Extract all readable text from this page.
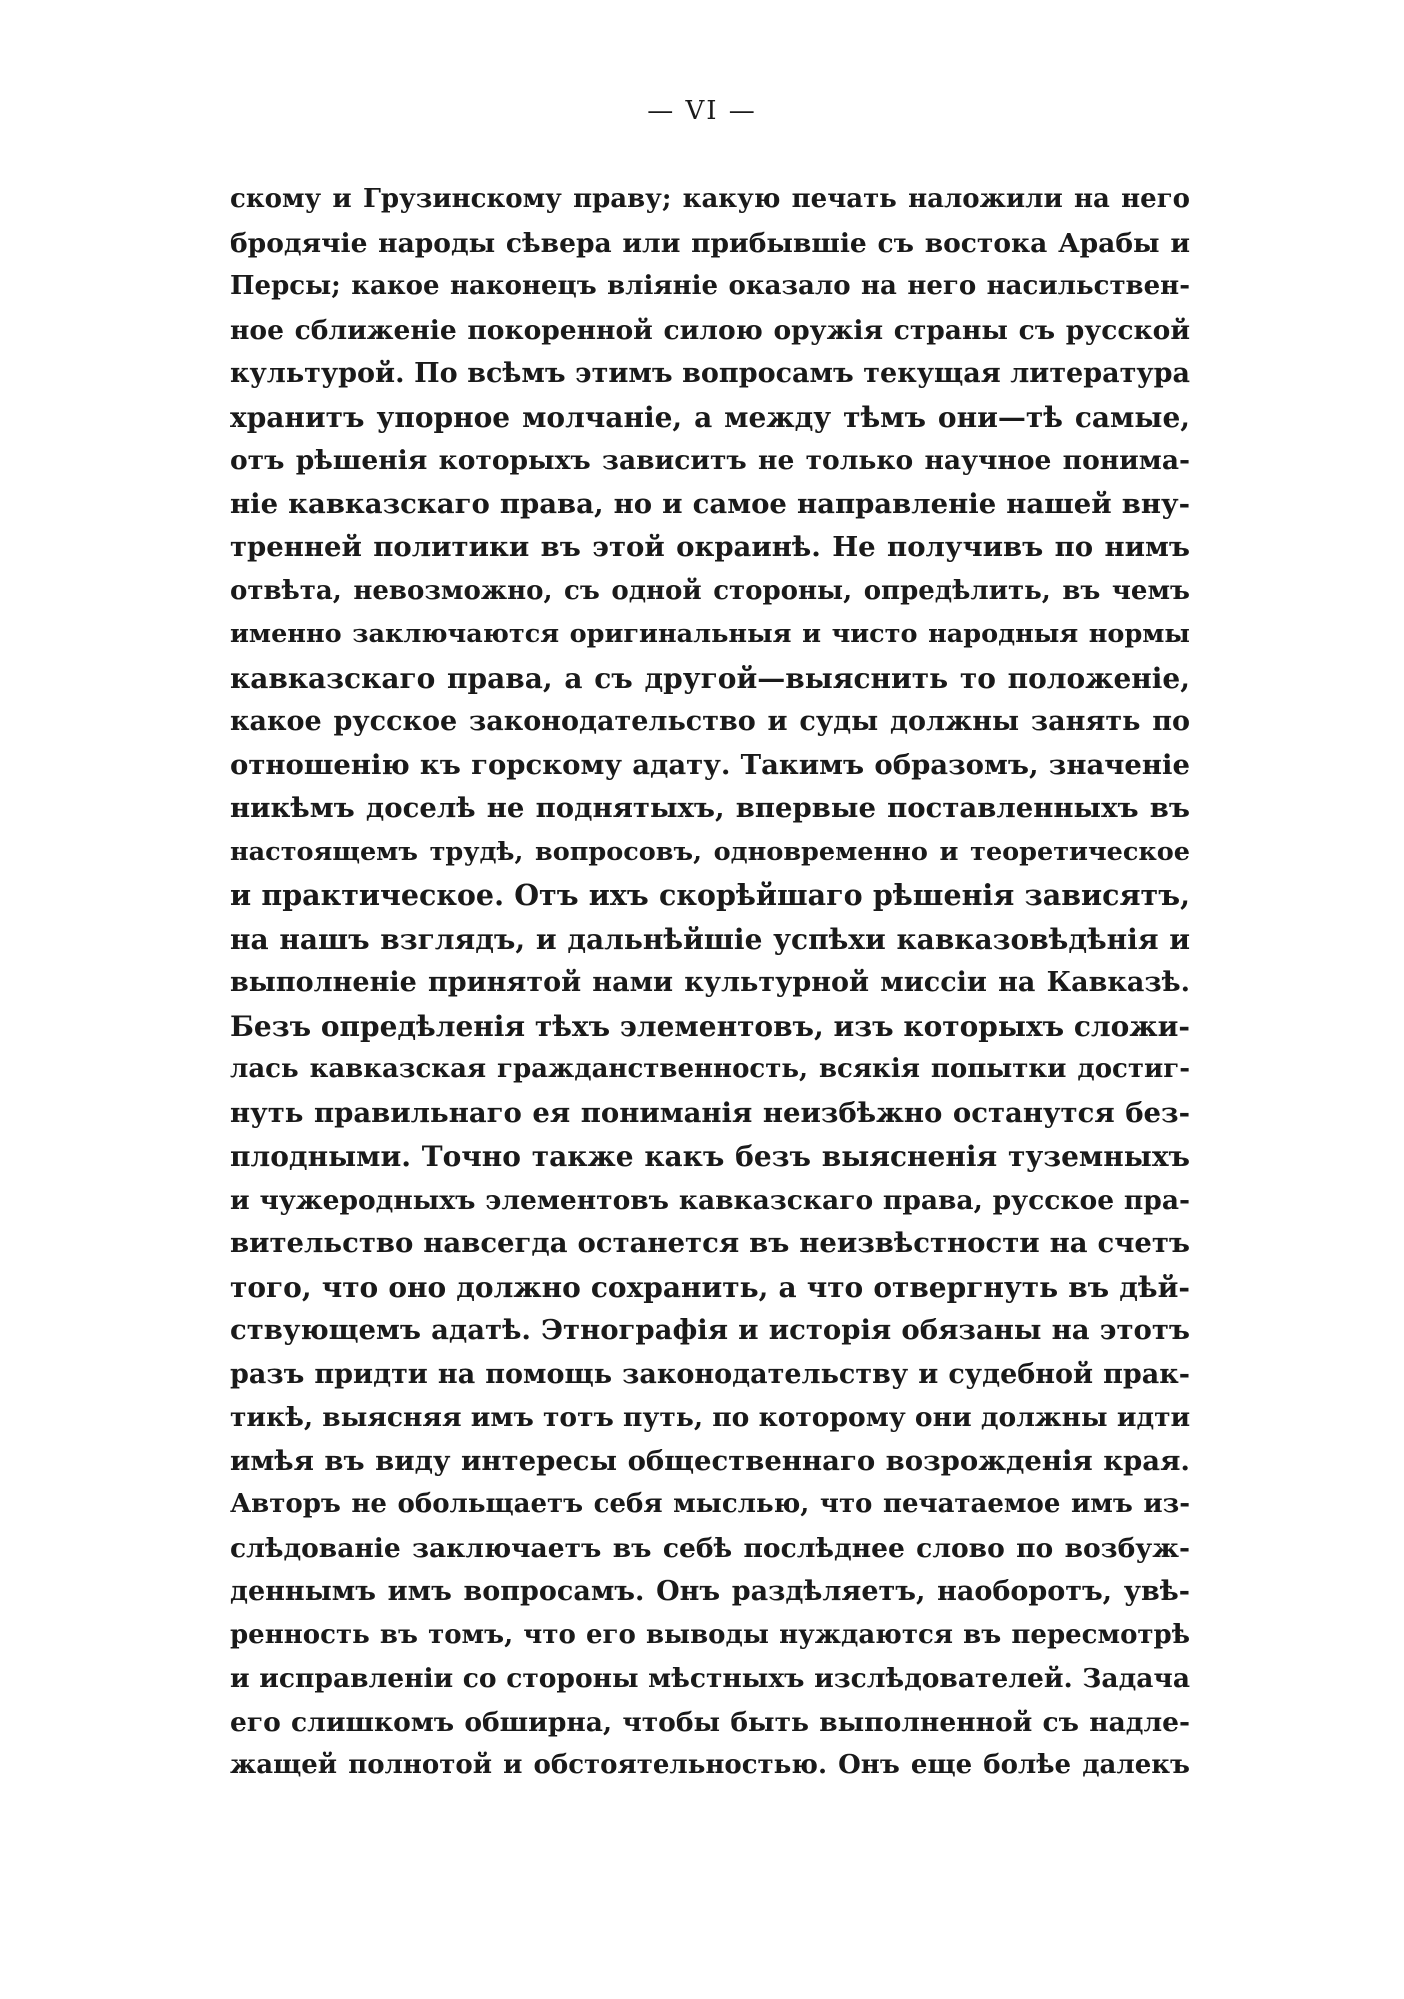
— VI —
скому и Грузинскому праву; какую печать наложили на него
бродячіе народы сѣвера или прибывшіе съ востока Арабы и
Персы; какое наконецъ вліяніе оказало на него насильствен-
ное сближеніе покоренной силою оружія страны съ русской
культурой. По всѣмъ этимъ вопросамъ текущая литература
хранитъ упорное молчаніе, а между тѣмъ они—тѣ самые,
отъ рѣшенія которыхъ зависитъ не только научное понима-
ніе кавказскаго права, но и самое направленіе нашей вну-
тренней политики въ этой окраинѣ. Не получивъ по нимъ
отвѣта, невозможно, съ одной стороны, опредѣлить, въ чемъ
именно заключаются оригинальныя и чисто народныя нормы
кавказскаго права, а съ другой—выяснить то положеніе,
какое русское законодательство и суды должны занять по
отношенію къ горскому адату. Такимъ образомъ, значеніе
никѣмъ доселѣ не поднятыхъ, впервые поставленныхъ въ
настоящемъ трудѣ, вопросовъ, одновременно и теоретическое
и практическое. Отъ ихъ скорѣйшаго рѣшенія зависятъ,
на нашъ взглядъ, и дальнѣйшіе успѣхи кавказовѣдѣнія и
выполненіе принятой нами культурной миссіи на Кавказѣ.
Безъ опредѣленія тѣхъ элементовъ, изъ которыхъ сложи-
лась кавказская гражданственность, всякія попытки достиг-
нуть правильнаго ея пониманія неизбѣжно останутся без-
плодными. Точно также какъ безъ выясненія туземныхъ
и чужеродныхъ элементовъ кавказскаго права, русское пра-
вительство навсегда останется въ неизвѣстности на счетъ
того, что оно должно сохранить, а что отвергнуть въ дѣй-
ствующемъ адатѣ. Этнографія и исторія обязаны на этотъ
разъ придти на помощь законодательству и судебной прак-
тикѣ, выясняя имъ тотъ путь, по которому они должны идти
имѣя въ виду интересы общественнаго возрожденія края.
Авторъ не обольщаетъ себя мыслью, что печатаемое имъ из-
слѣдованіе заключаетъ въ себѣ послѣднее слово по возбуж-
деннымъ имъ вопросамъ. Онъ раздѣляетъ, наоборотъ, увѣ-
ренность въ томъ, что его выводы нуждаются въ пересмотрѣ
и исправленіи со стороны мѣстныхъ изслѣдователей. Задача
его слишкомъ обширна, чтобы быть выполненной съ надле-
жащей полнотой и обстоятельностью. Онъ еще болѣе далекъ
